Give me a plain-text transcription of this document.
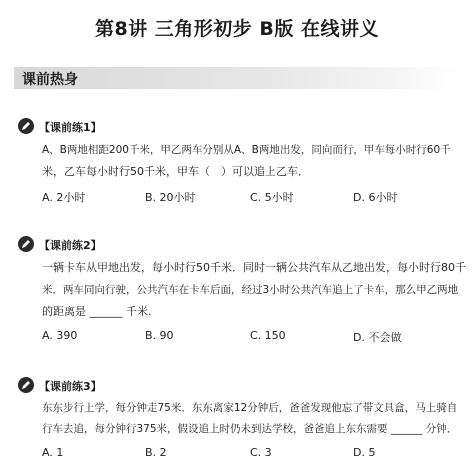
第8讲 三角形初步 B版 在线讲义
课前热身
【课前练1】
A、B两地相距200千米，甲乙两车分别从A、B两地出发，同向而行，甲车每小时行60千
米，乙车每小时行50千米，甲车（　）可以追上乙车．
A. 2小时	B. 20小时	C. 5小时	D. 6小时
【课前练2】
一辆卡车从甲地出发，每小时行50千米．同时一辆公共汽车从乙地出发，每小时行80千
米．两车同向行驶，公共汽车在卡车后面，经过3小时公共汽车追上了卡车，那么甲乙两地
的距离是 ______ 千米.
A. 390	B. 90	C. 150	D. 不会做
【课前练3】
东东步行上学，每分钟走75米．东东离家12分钟后，爸爸发现他忘了带文具盒，马上骑自
行车去追，每分钟行375米，假设追上时仍未到达学校，爸爸追上东东需要 ______ 分钟．
A. 1	B. 2	C. 3	D. 5
